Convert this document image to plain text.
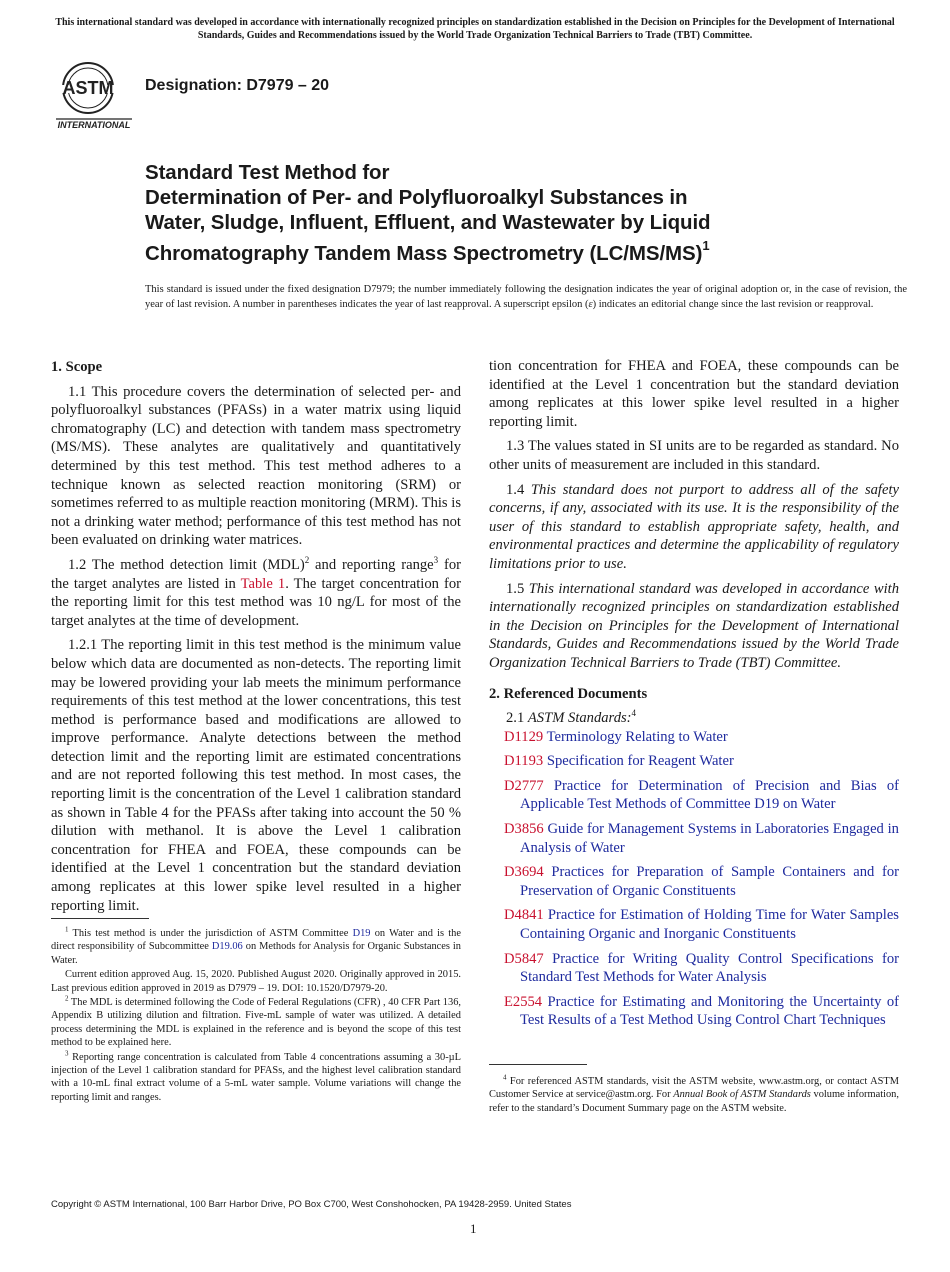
This international standard was developed in accordance with internationally recognized principles on standardization established in the Decision on Principles for the Development of International Standards, Guides and Recommendations issued by the World Trade Organization Technical Barriers to Trade (TBT) Committee.
ASTM
INTERNATIONAL
Designation: D7979 – 20
Standard Test Method for
Determination of Per- and Polyfluoroalkyl Substances in
Water, Sludge, Influent, Effluent, and Wastewater by Liquid
Chromatography Tandem Mass Spectrometry $(LC/MS/MS)^1$
This standard is issued under the fixed designation D7979; the number immediately following the designation indicates the year of original adoption or, in the case of revision, the year of last revision. A number in parentheses indicates the year of last reapproval. A superscript epsilon (ε) indicates an editorial change since the last revision or reapproval.
1. Scope

1.1 This procedure covers the determination of selected per- and polyfluoroalkyl substances (PFASs) in a water matrix using liquid chromatography (LC) and detection with tandem mass spectrometry (MS/MS). These analytes are qualitatively and quantitatively determined by this test method. This test method adheres to a technique known as selected reaction monitoring (SRM) or sometimes referred to as multiple reaction monitoring (MRM). This is not a drinking water method; performance of this test method has not been evaluated on drinking water matrices.

1.2 The method detection limit (MDL)$^2$ and reporting range$^3$ for the target analytes are listed in Table 1. The target concentration for the reporting limit for this test method was 10 ng/L for most of the target analytes at the time of development.

1.2.1 The reporting limit in this test method is the minimum value below which data are documented as non-detects. The reporting limit may be lowered providing your lab meets the minimum performance requirements of this test method at the lower concentrations, this test method is performance based and modifications are allowed to improve performance. Analyte detections between the method detection limit and the reporting limit are estimated concentrations and are not reported following this test method. In most cases, the reporting limit is the concentration of the Level 1 calibration standard as shown in Table 4 for the PFASs after taking into account the 50 % dilution with methanol. It is above the Level 1 calibration concentration for FHEA and FOEA, these compounds can be identified at the Level 1 concentration but the standard deviation among replicates at this lower spike level resulted in a higher reporting limit.

tion concentration for FHEA and FOEA, these compounds can be identified at the Level 1 concentration but the standard deviation among replicates at this lower spike level resulted in a higher reporting limit.

1.3 The values stated in SI units are to be regarded as standard. No other units of measurement are included in this standard.

1.4 This standard does not purport to address all of the safety concerns, if any, associated with its use. It is the responsibility of the user of this standard to establish appropriate safety, health, and environmental practices and determine the applicability of regulatory limitations prior to use.

1.5 This international standard was developed in accordance with internationally recognized principles on standardization established in the Decision on Principles for the Development of International Standards, Guides and Recommendations issued by the World Trade Organization Technical Barriers to Trade (TBT) Committee.

2. Referenced Documents

2.1 ASTM Standards:$^4$

D1129 Terminology Relating to Water

D1193 Specification for Reagent Water

D2777 Practice for Determination of Precision and Bias of Applicable Test Methods of Committee D19 on Water

D3856 Guide for Management Systems in Laboratories Engaged in Analysis of Water

D3694 Practices for Preparation of Sample Containers and for Preservation of Organic Constituents

D4841 Practice for Estimation of Holding Time for Water Samples Containing Organic and Inorganic Constituents

D5847 Practice for Writing Quality Control Specifications for Standard Test Methods for Water Analysis

E2554 Practice for Estimating and Monitoring the Uncertainty of Test Results of a Test Method Using Control Chart Techniques

$^1$ This test method is under the jurisdiction of ASTM Committee D19 on Water and is the direct responsibility of Subcommittee D19.06 on Methods for Analysis for Organic Substances in Water.

Current edition approved Aug. 15, 2020. Published August 2020. Originally approved in 2015. Last previous edition approved in 2019 as D7979 – 19. DOI: 10.1520/D7979-20.

$^2$ The MDL is determined following the Code of Federal Regulations (CFR) , 40 CFR Part 136, Appendix B utilizing dilution and filtration. Five-mL sample of water was utilized. A detailed process determining the MDL is explained in the reference and is beyond the scope of this test method to be explained here.

$^3$ Reporting range concentration is calculated from Table 4 concentrations assuming a 30-µL injection of the Level 1 calibration standard for PFASs, and the highest level calibration standard with a 10-mL final extract volume of a 5-mL water sample. Volume variations will change the reporting limit and ranges.

$^4$ For referenced ASTM standards, visit the ASTM website, www.astm.org, or contact ASTM Customer Service at service@astm.org. For Annual Book of ASTM Standards volume information, refer to the standard’s Document Summary page on the ASTM website.

Copyright © ASTM International, 100 Barr Harbor Drive, PO Box C700, West Conshohocken, PA 19428-2959. United States
1
